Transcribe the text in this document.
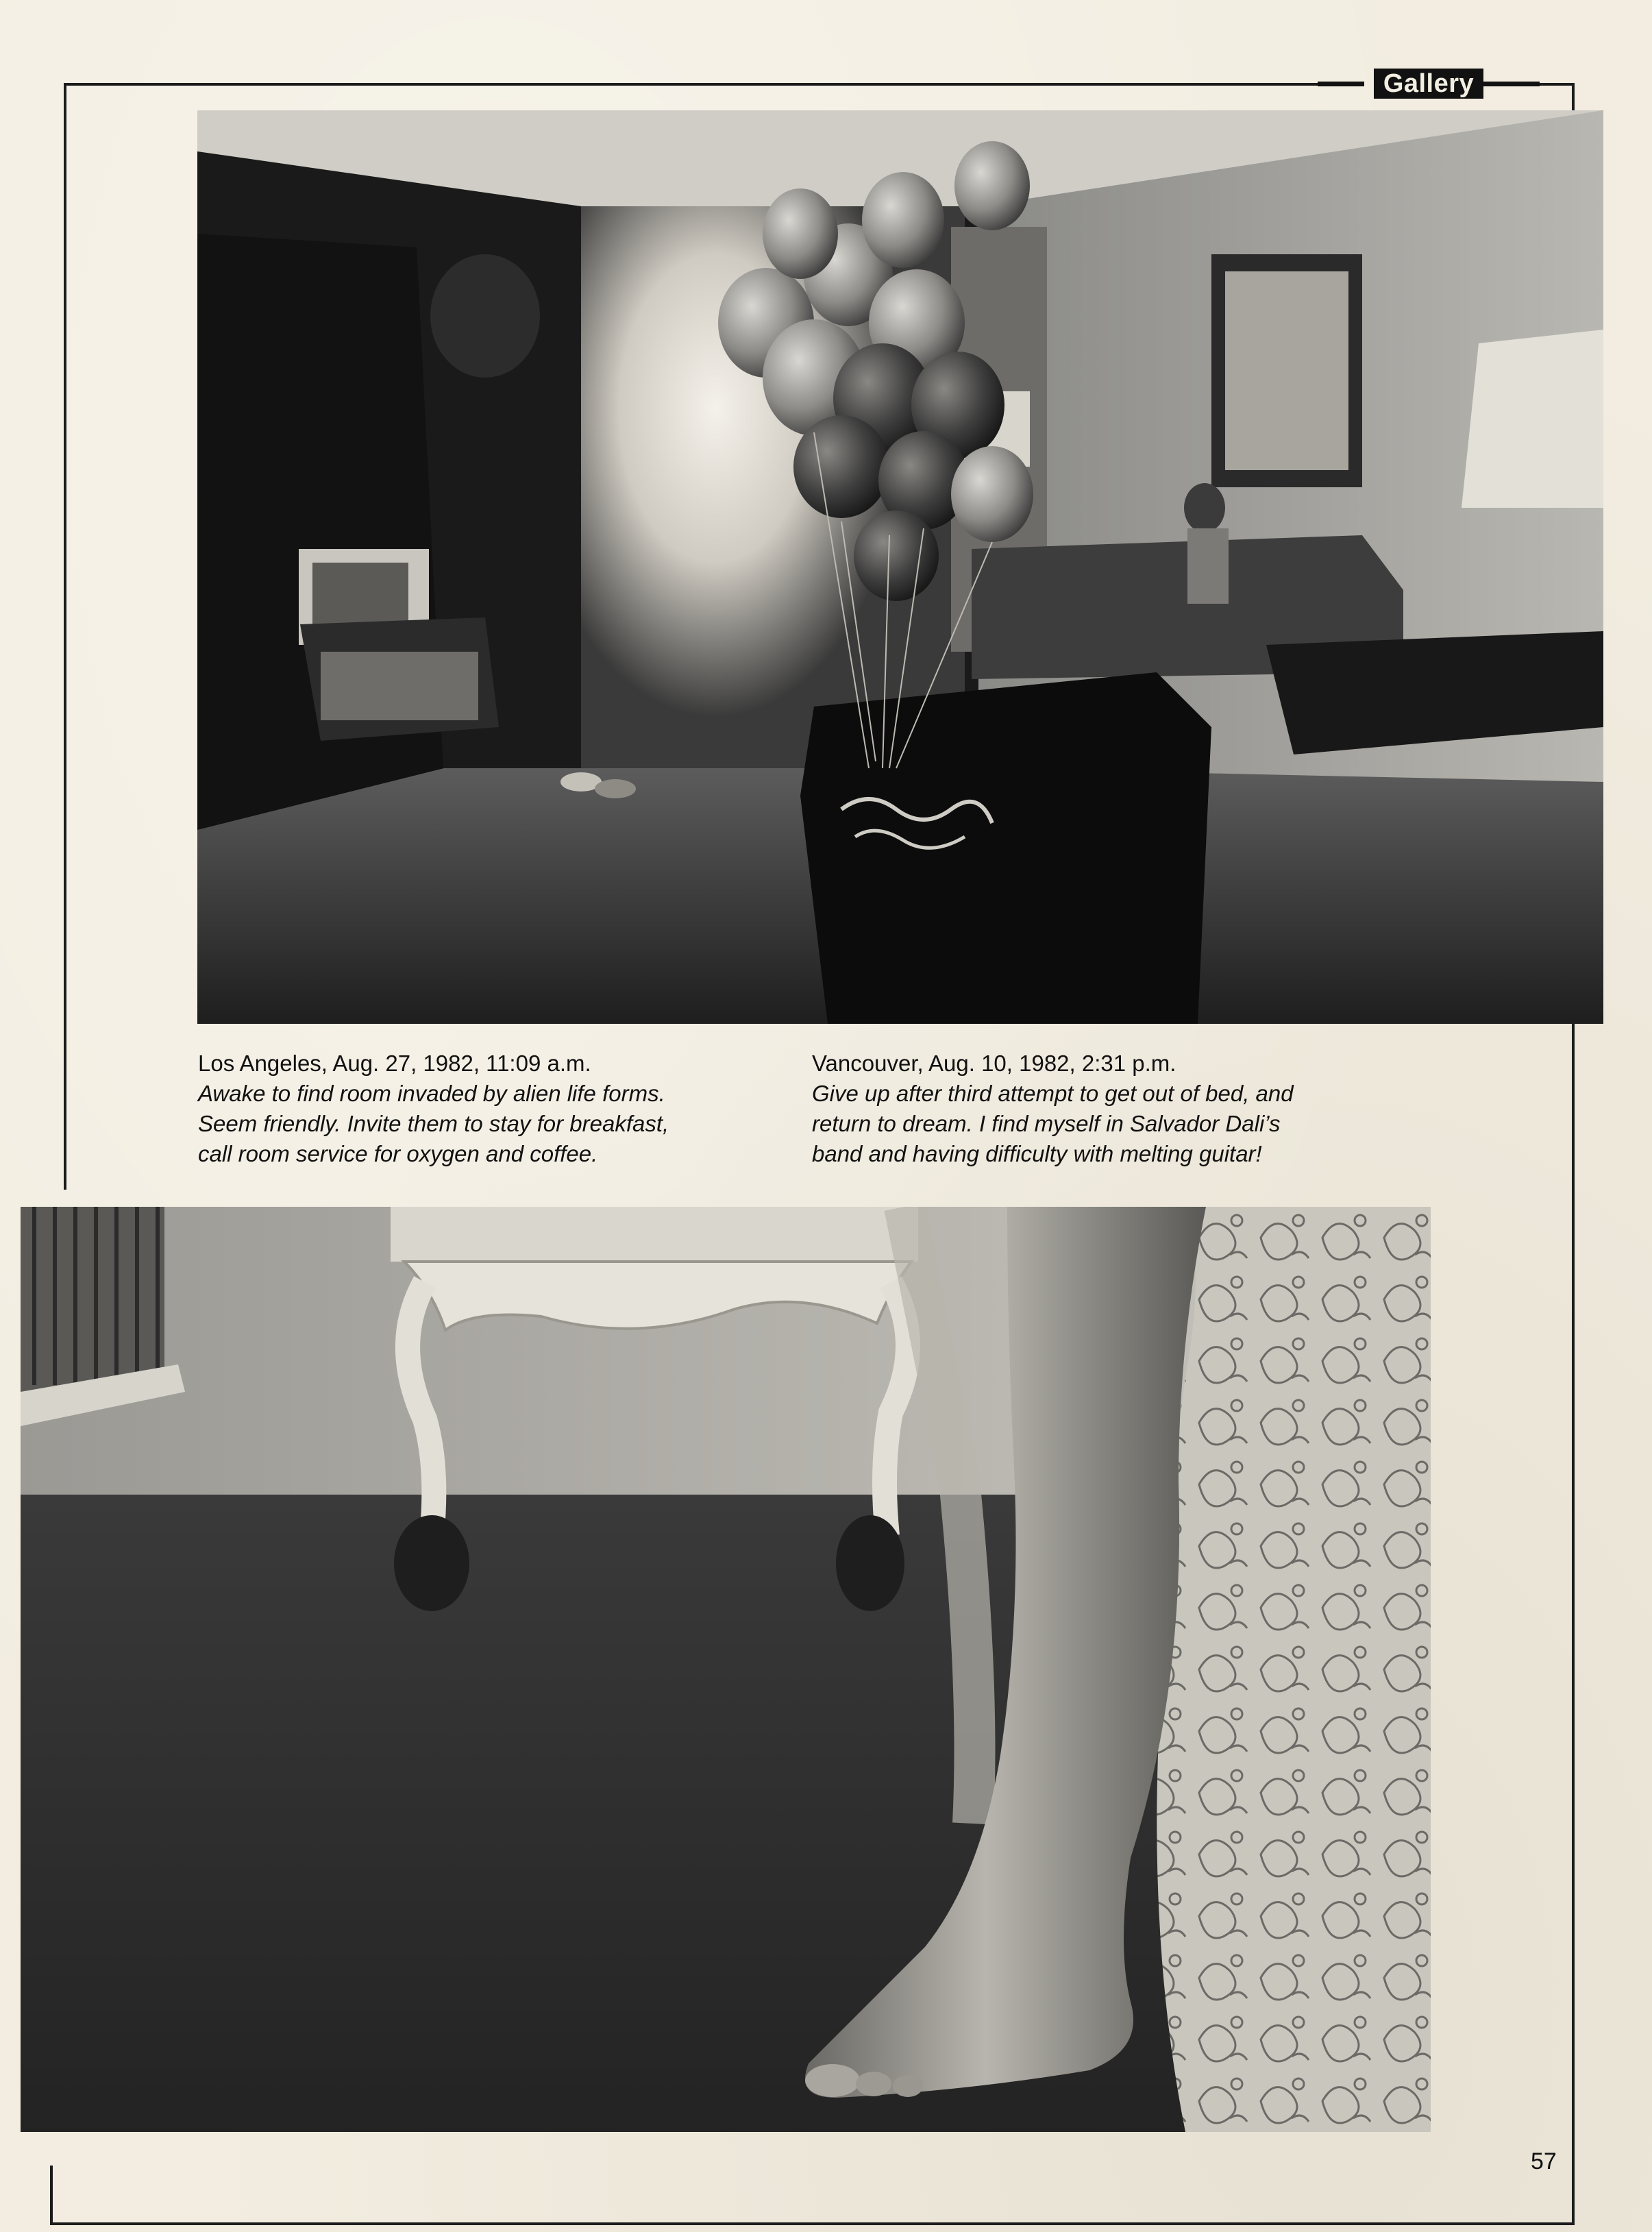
Gallery
Los Angeles, Aug. 27, 1982, 11:09 a.m.
Awake to find room invaded by alien life forms.
Seem friendly. Invite them to stay for breakfast,
call room service for oxygen and coffee.
Vancouver, Aug. 10, 1982, 2:31 p.m.
Give up after third attempt to get out of bed, and
return to dream. I find myself in Salvador Dali’s
band and having difficulty with melting guitar!
57
